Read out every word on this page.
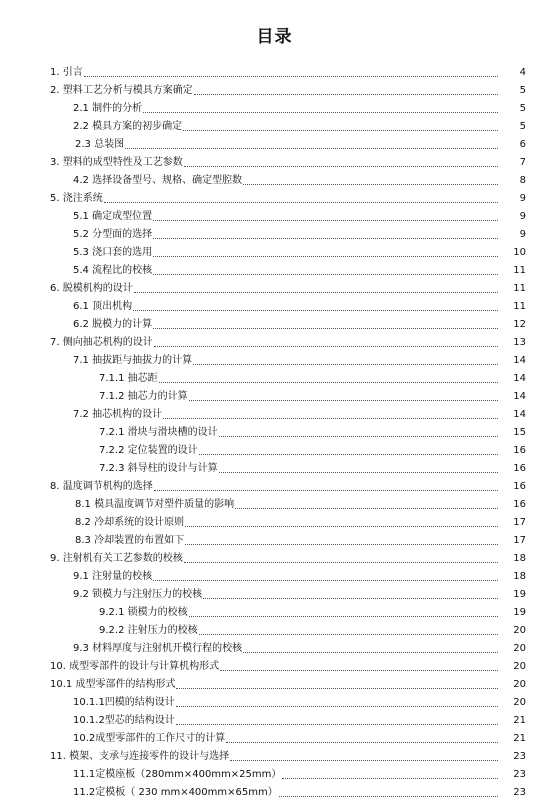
目录
1. 引言	4
2. 塑料工艺分析与模具方案确定	5
2.1 制件的分析	5
2.2 模具方案的初步确定	5
2.3 总装图	6
3. 塑料的成型特性及工艺参数	7
4.2 选择设备型号、规格、确定型腔数	8
5. 浇注系统	9
5.1 确定成型位置	9
5.2 分型面的选择	9
5.3 浇口套的选用	10
5.4 流程比的校核	11
6. 脱模机构的设计	11
6.1 顶出机构	11
6.2 脱模力的计算	12
7. 侧向抽芯机构的设计	13
7.1 抽拔距与抽拔力的计算	14
7.1.1 抽芯距	14
7.1.2 抽芯力的计算	14
7.2 抽芯机构的设计	14
7.2.1 滑块与滑块槽的设计	15
7.2.2 定位装置的设计	16
7.2.3 斜导柱的设计与计算	16
8. 温度调节机构的选择	16
8.1 模具温度调节对塑件质量的影响	16
8.2 冷却系统的设计原则	17
8.3 冷却装置的布置如下	17
9. 注射机有关工艺参数的校核	18
9.1 注射量的校核	18
9.2 锁模力与注射压力的校核	19
9.2.1 锁模力的校核	19
9.2.2 注射压力的校核	20
9.3 材料厚度与注射机开模行程的校核	20
10. 成型零部件的设计与计算机构形式	20
10.1 成型零部件的结构形式	20
10.1.1凹模的结构设计	20
10.1.2型芯的结构设计	21
10.2成型零部件的工作尺寸的计算	21
11. 模架、支承与连接零件的设计与选择	23
11.1定模座板（280mm×400mm×25mm）	23
11.2定模板（ 230 mm×400mm×65mm）	23
